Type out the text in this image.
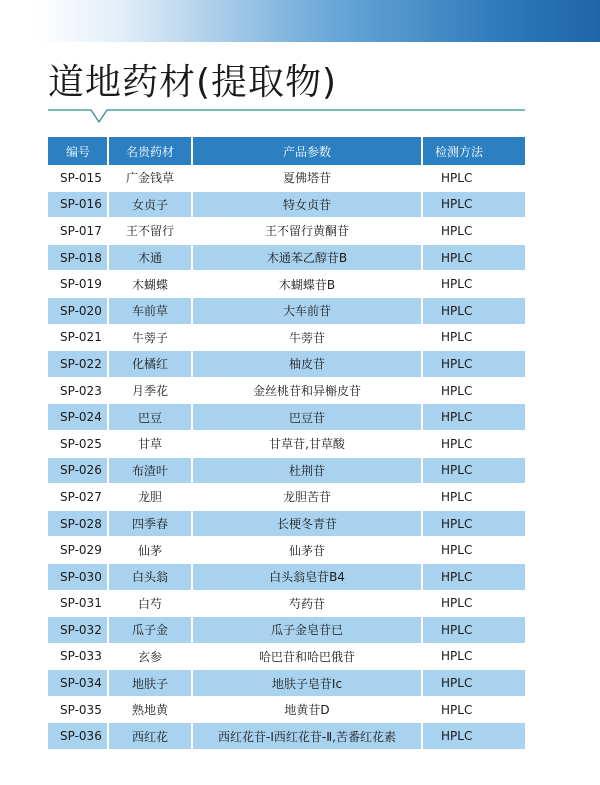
道地药材(提取物)
编号	名贵药材	产品参数	检测方法
SP-015	广金钱草	夏佛塔苷	HPLC
SP-016	女贞子	特女贞苷	HPLC
SP-017	王不留行	王不留行黄酮苷	HPLC
SP-018	木通	木通苯乙醇苷B	HPLC
SP-019	木蝴蝶	木蝴蝶苷B	HPLC
SP-020	车前草	大车前苷	HPLC
SP-021	牛蒡子	牛蒡苷	HPLC
SP-022	化橘红	柚皮苷	HPLC
SP-023	月季花	金丝桃苷和异槲皮苷	HPLC
SP-024	巴豆	巴豆苷	HPLC
SP-025	甘草	甘草苷,甘草酸	HPLC
SP-026	布渣叶	杜荆苷	HPLC
SP-027	龙胆	龙胆苦苷	HPLC
SP-028	四季春	长梗冬青苷	HPLC
SP-029	仙茅	仙茅苷	HPLC
SP-030	白头翁	白头翁皂苷B4	HPLC
SP-031	白芍	芍药苷	HPLC
SP-032	瓜子金	瓜子金皂苷已	HPLC
SP-033	玄参	哈巴苷和哈巴俄苷	HPLC
SP-034	地肤子	地肤子皂苷Ic	HPLC
SP-035	熟地黄	地黄苷D	HPLC
SP-036	西红花	西红花苷-Ⅰ西红花苷-Ⅱ,苦番红花素	HPLC
